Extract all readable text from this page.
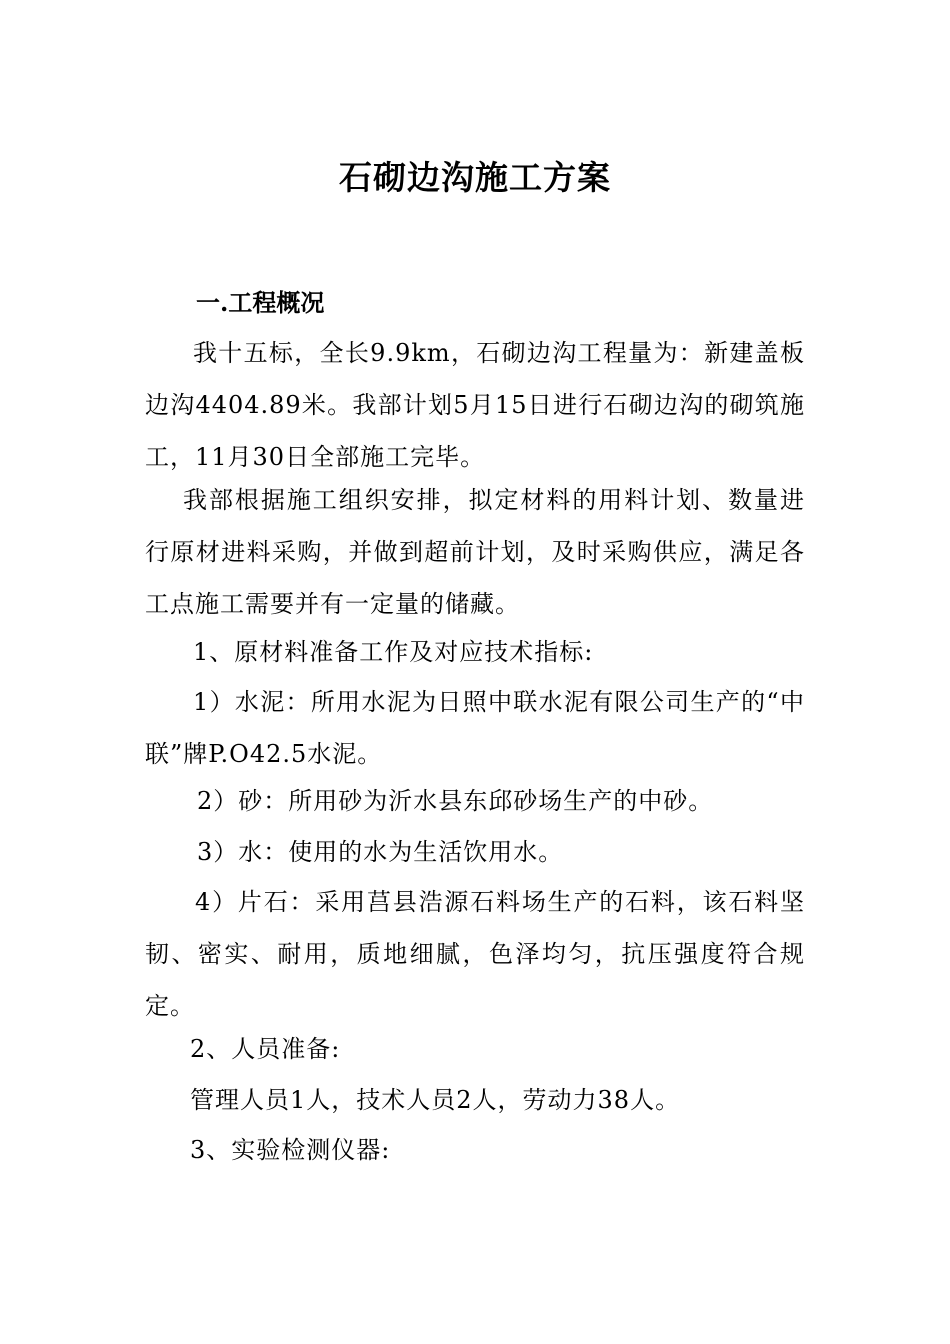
石砌边沟施工方案
一.工程概况
我十五标，全长9.9km，石砌边沟工程量为：新建盖板边沟4404.89米。我部计划5月15日进行石砌边沟的砌筑施工，11月30日全部施工完毕。
我部根据施工组织安排，拟定材料的用料计划、数量进行原材进料采购，并做到超前计划，及时采购供应，满足各工点施工需要并有一定量的储藏。
1、原材料准备工作及对应技术指标:
1）水泥：所用水泥为日照中联水泥有限公司生产的“中联”牌P.O42.5水泥。
2）砂：所用砂为沂水县东邱砂场生产的中砂。
3）水：使用的水为生活饮用水。
4）片石：采用莒县浩源石料场生产的石料，该石料坚韧、密实、耐用，质地细腻，色泽均匀，抗压强度符合规定。
2、人员准备:
管理人员1人，技术人员2人，劳动力38人。
3、实验检测仪器:
